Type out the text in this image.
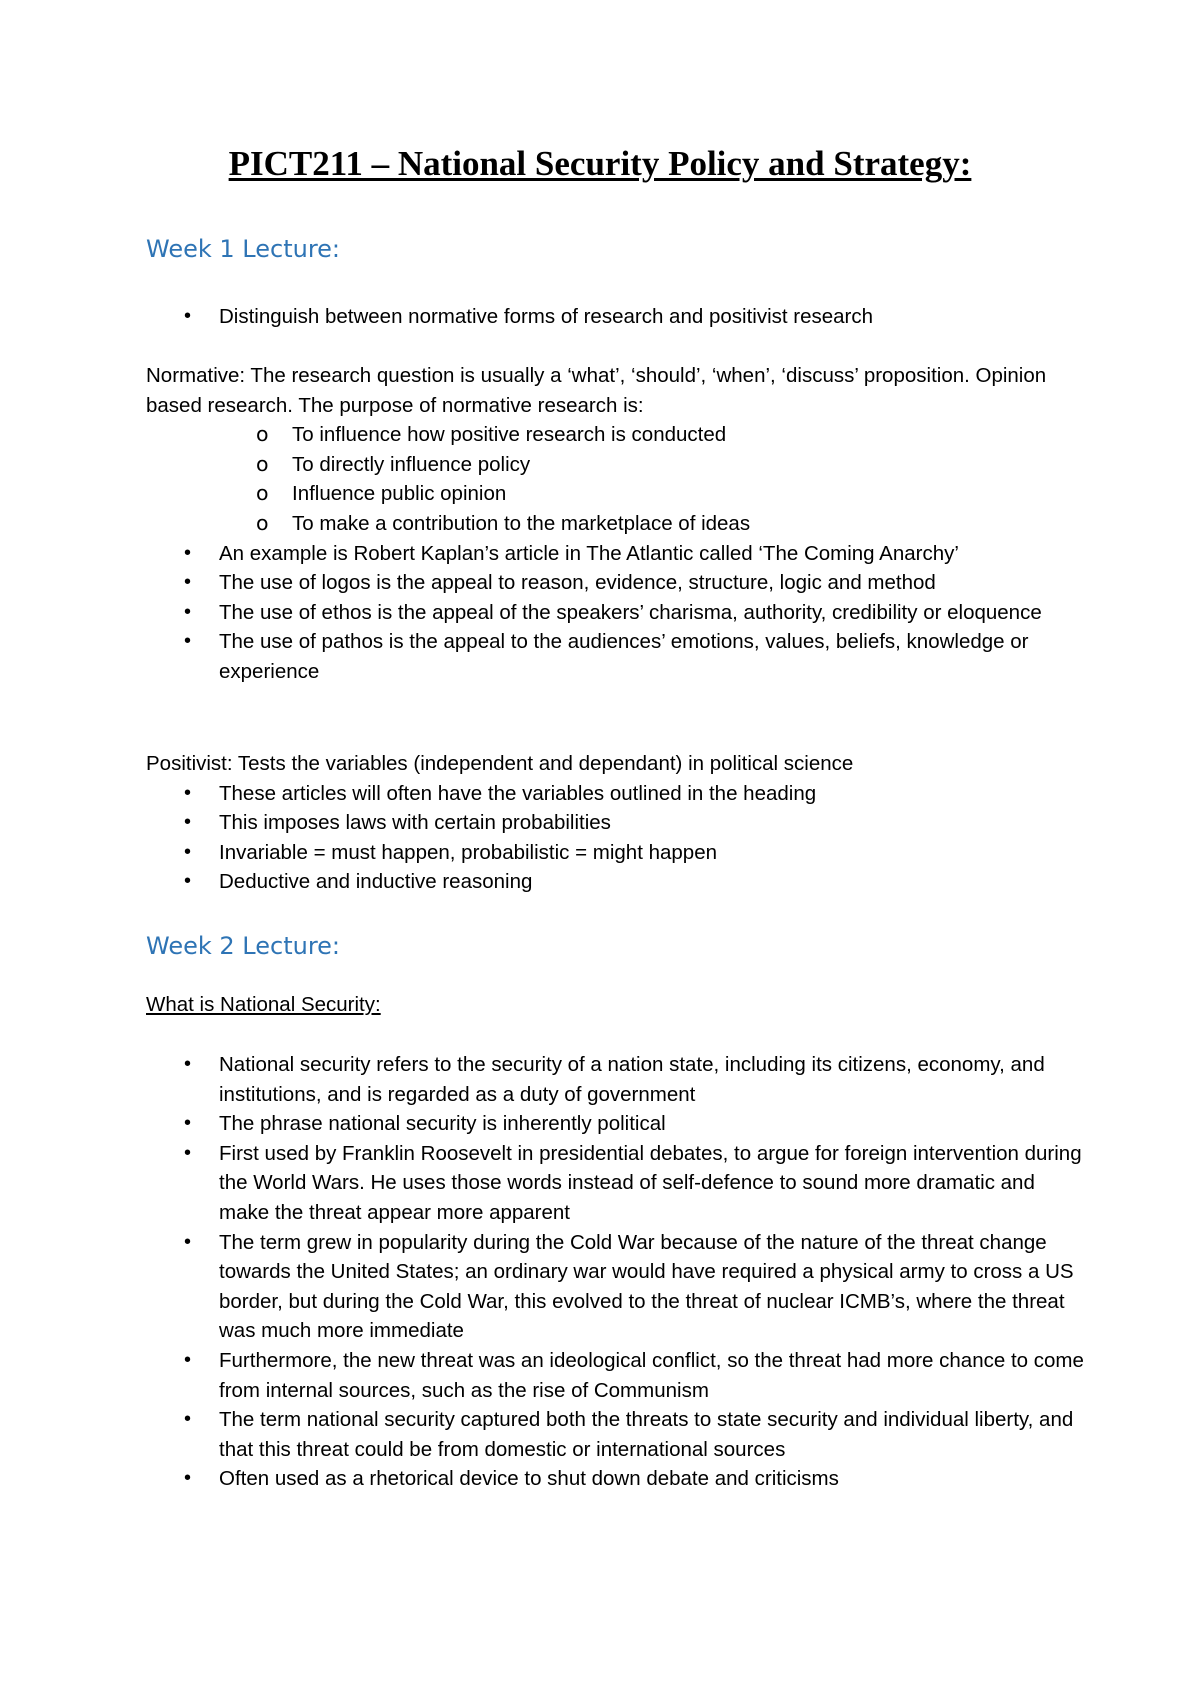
PICT211 – National Security Policy and Strategy:
Week 1 Lecture:
• Distinguish between normative forms of research and positivist research

Normative: The research question is usually a ‘what’, ‘should’, ‘when’, ‘discuss’ proposition. Opinion based research. The purpose of normative research is:

o To influence how positive research is conducted
o To directly influence policy
o Influence public opinion
o To make a contribution to the marketplace of ideas
• An example is Robert Kaplan’s article in The Atlantic called ‘The Coming Anarchy’
• The use of logos is the appeal to reason, evidence, structure, logic and method
• The use of ethos is the appeal of the speakers’ charisma, authority, credibility or eloquence
• The use of pathos is the appeal to the audiences’ emotions, values, beliefs, knowledge or experience

Positivist: Tests the variables (independent and dependant) in political science

• These articles will often have the variables outlined in the heading
• This imposes laws with certain probabilities
• Invariable = must happen, probabilistic = might happen
• Deductive and inductive reasoning
Week 2 Lecture:

What is National Security:

• National security refers to the security of a nation state, including its citizens, economy, and institutions, and is regarded as a duty of government
• The phrase national security is inherently political
• First used by Franklin Roosevelt in presidential debates, to argue for foreign intervention during the World Wars. He uses those words instead of self-defence to sound more dramatic and make the threat appear more apparent
• The term grew in popularity during the Cold War because of the nature of the threat change towards the United States; an ordinary war would have required a physical army to cross a US border, but during the Cold War, this evolved to the threat of nuclear ICMB’s, where the threat was much more immediate
• Furthermore, the new threat was an ideological conflict, so the threat had more chance to come from internal sources, such as the rise of Communism
• The term national security captured both the threats to state security and individual liberty, and that this threat could be from domestic or international sources
• Often used as a rhetorical device to shut down debate and criticisms
